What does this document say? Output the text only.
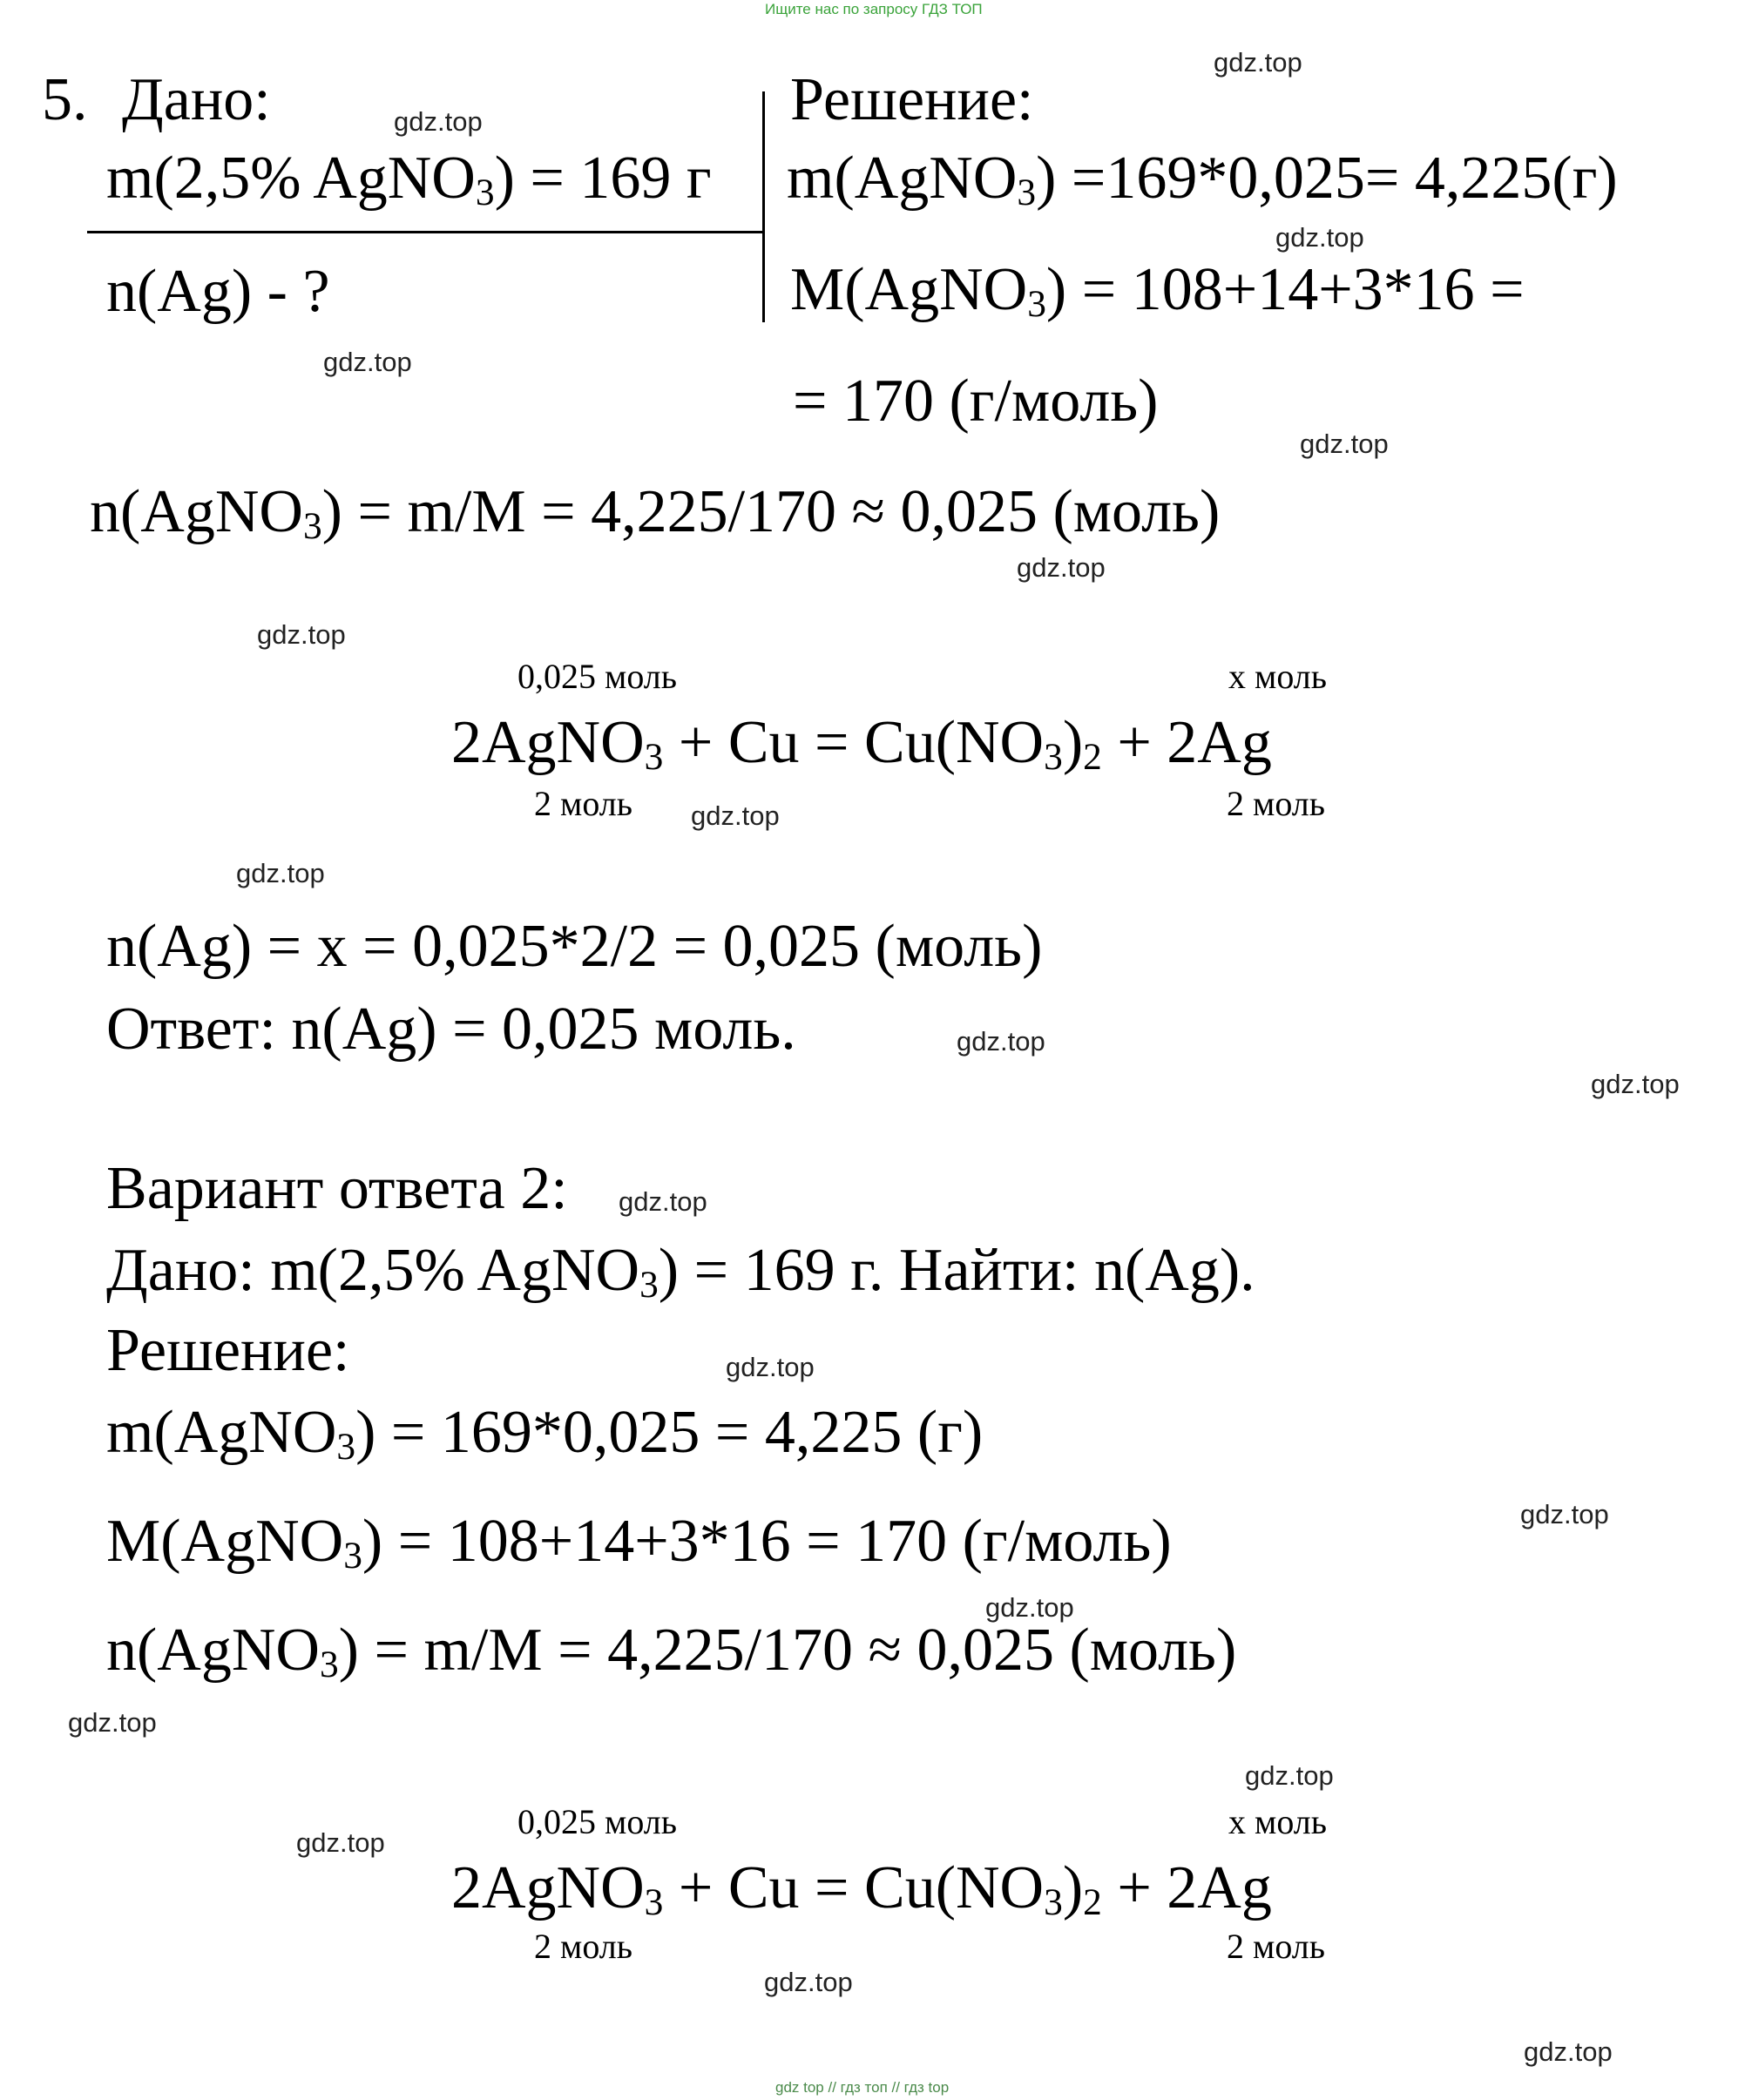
Ищите нас по запросу ГДЗ ТОП
5. Дано:
m(2,5% AgNO$_3$) = 169 г
n(Ag) - ?
Решение:
m(AgNO$_3$) =169*0,025= 4,225(г)
M(AgNO$_3$) = 108+14+3*16 =
= 170 (г/моль)
n(AgNO$_3$) = m/M = 4,225/170 ≈ 0,025 (моль)
0,025 моль	x моль
2AgNO$_3$ + $Cu = Cu(NO_3)_2 + 2Ag$
2 моль	2 моль
n(Ag) = x = 0,025*2/2 = 0,025 (моль)
Ответ: n(Ag) = 0,025 моль.
Вариант ответа 2:
Дано: m(2,5% AgNO$_3$) = 169 г. Найти: n(Ag).
Решение:
m(AgNO$_3$) = 169*0,025 = 4,225 (г)
M(AgNO$_3$) = 108+14+3*16 = 170 (г/моль)
n(AgNO$_3$) = m/M = 4,225/170 ≈ 0,025 (моль)
0,025 моль	x моль
2AgNO$_3$ + $Cu = Cu(NO_3)_2 + 2Ag$
2 моль	2 моль
gdz.top
gdz.top
gdz.top
gdz.top
gdz.top
gdz.top
gdz.top
gdz.top
gdz.top
gdz.top
gdz.top
gdz.top
gdz.top
gdz.top
gdz.top
gdz.top
gdz.top
gdz.top
gdz.top
gdz.top
gdz top // гдз топ // гдз top
